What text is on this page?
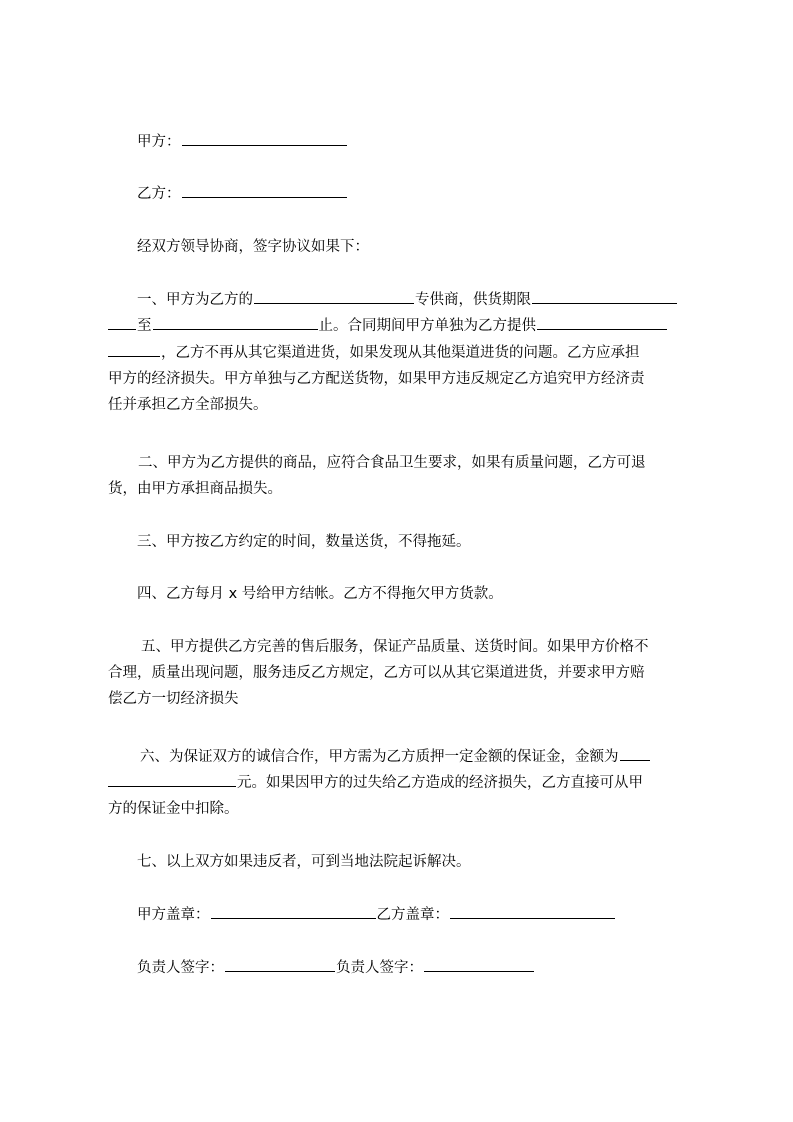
甲方：
乙方：
经双方领导协商，签字协议如果下：
一、甲方为乙方的	专供商，供货期限
至	止。合同期间甲方单独为乙方提供
，乙方不再从其它渠道进货，如果发现从其他渠道进货的问题。乙方应承担
甲方的经济损失。甲方单独与乙方配送货物，如果甲方违反规定乙方追究甲方经济责
任并承担乙方全部损失。
二、甲方为乙方提供的商品，应符合食品卫生要求，如果有质量问题，乙方可退
货，由甲方承担商品损失。
三、甲方按乙方约定的时间，数量送货，不得拖延。
四、乙方每月 x 号给甲方结帐。乙方不得拖欠甲方货款。
五、甲方提供乙方完善的售后服务，保证产品质量、送货时间。如果甲方价格不
合理，质量出现问题，服务违反乙方规定，乙方可以从其它渠道进货，并要求甲方赔
偿乙方一切经济损失
六、为保证双方的诚信合作，甲方需为乙方质押一定金额的保证金，金额为
元。如果因甲方的过失给乙方造成的经济损失，乙方直接可从甲
方的保证金中扣除。
七、以上双方如果违反者，可到当地法院起诉解决。
甲方盖章：	乙方盖章：
负责人签字：	负责人签字：
